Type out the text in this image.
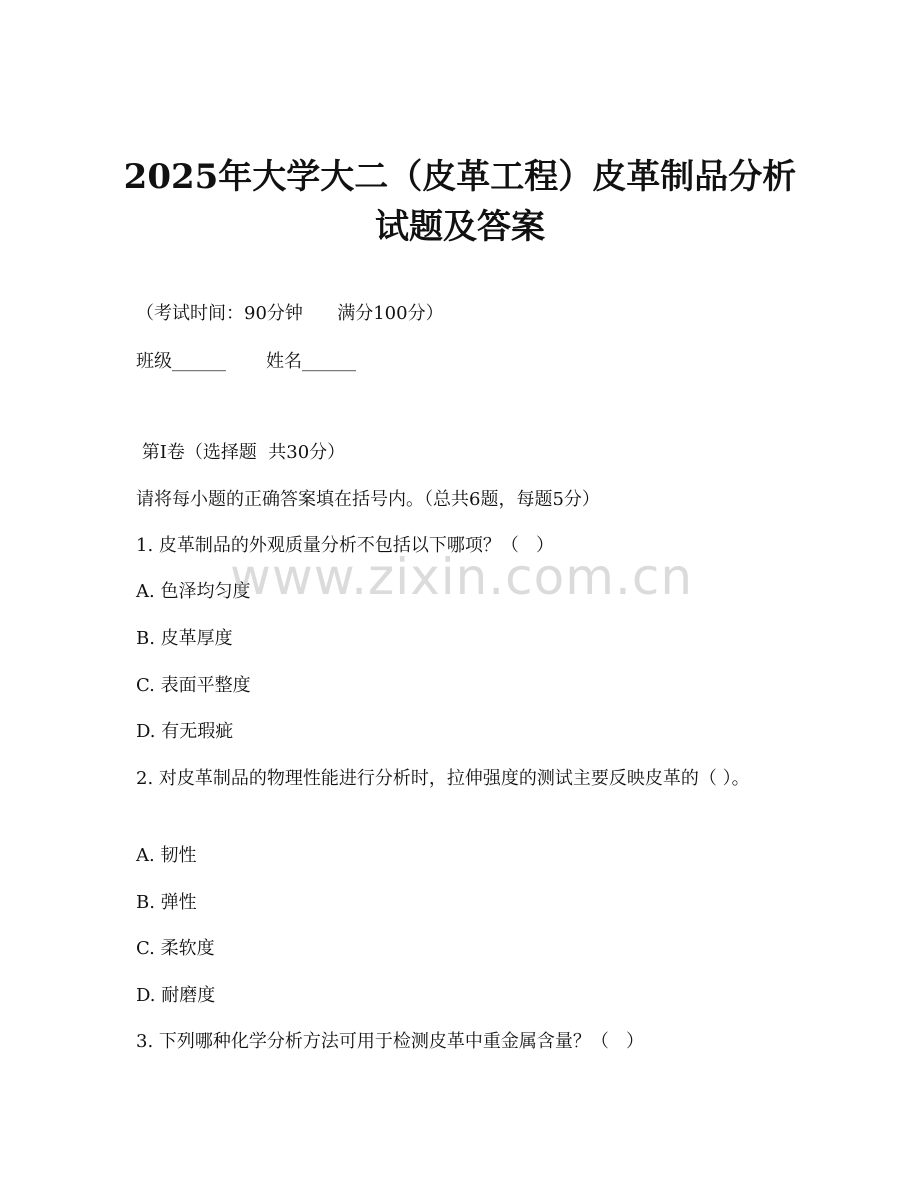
2025年大学大二（皮革工程）皮革制品分析
试题及答案
（考试时间：90分钟      满分100分）
班级______       姓名______
第Ⅰ卷（选择题  共30分）
请将每小题的正确答案填在括号内。（总共6题，每题5分）
1. 皮革制品的外观质量分析不包括以下哪项？（   ）
A. 色泽均匀度
B. 皮革厚度
C. 表面平整度
D. 有无瑕疵
2. 对皮革制品的物理性能进行分析时，拉伸强度的测试主要反映皮革的（ ）。
A. 韧性
B. 弹性
C. 柔软度
D. 耐磨度
3. 下列哪种化学分析方法可用于检测皮革中重金属含量？（   ）
www.zixin.com.cn
